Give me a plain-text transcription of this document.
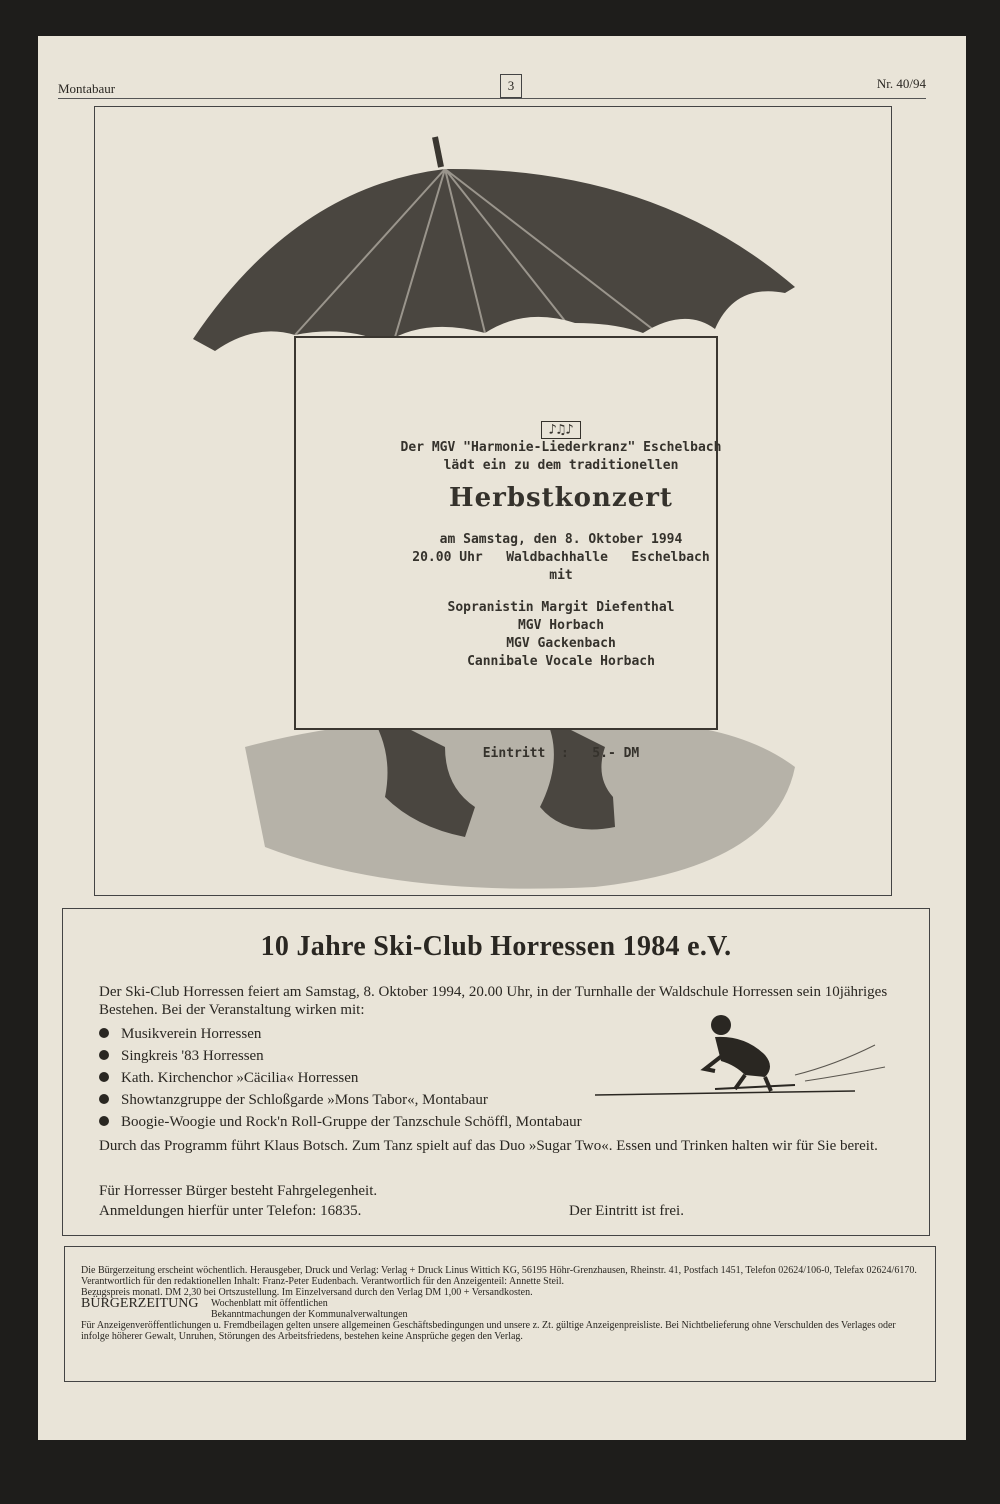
Montabaur	3	Nr. 40/94
♪♫♪
Der MGV "Harmonie-Liederkranz" Eschelbach
lädt ein zu dem traditionellen
Herbstkonzert
am Samstag, den 8. Oktober 1994
20.00 Uhr   Waldbachhalle   Eschelbach
mit
Sopranistin Margit Diefenthal
MGV Horbach
MGV Gackenbach
Cannibale Vocale Horbach
Eintritt  :   5.- DM
10 Jahre Ski-Club Horressen 1984 e.V.
Der Ski-Club Horressen feiert am Samstag, 8. Oktober 1994, 20.00 Uhr, in der Turnhalle der Waldschule Horressen sein 10jähriges Bestehen. Bei der Veranstaltung wirken mit:
Musikverein Horressen
Singkreis '83 Horressen
Kath. Kirchenchor »Cäcilia« Horressen
Showtanzgruppe der Schloßgarde »Mons Tabor«, Montabaur
Boogie-Woogie und Rock'n Roll-Gruppe der Tanzschule Schöffl, Montabaur
Durch das Programm führt Klaus Botsch. Zum Tanz spielt auf das Duo »Sugar Two«. Essen und Trinken halten wir für Sie bereit.
Für Horresser Bürger besteht Fahrgelegenheit.
Anmeldungen hierfür unter Telefon: 16835.	Der Eintritt ist frei.
Die Bürgerzeitung erscheint wöchentlich. Herausgeber, Druck und Verlag: Verlag + Druck Linus Wittich KG, 56195 Höhr-Grenzhausen, Rheinstr. 41, Postfach 1451, Telefon 02624/106-0, Telefax 02624/6170. Verantwortlich für den redaktionellen Inhalt: Franz-Peter Eudenbach. Verantwortlich für den Anzeigenteil: Annette Steil.
Bezugspreis monatl. DM 2,30 bei Ortszustellung. Im Einzelversand durch den Verlag DM 1,00 + Versandkosten.
BÜRGERZEITUNG Wochenblatt mit öffentlichen
Bekanntmachungen der Kommunalverwaltungen
Für Anzeigenveröffentlichungen u. Fremdbeilagen gelten unsere allgemeinen Geschäftsbedingungen und unsere z. Zt. gültige Anzeigenpreisliste. Bei Nichtbelieferung ohne Verschulden des Verlages oder infolge höherer Gewalt, Unruhen, Störungen des Arbeitsfriedens, bestehen keine Ansprüche gegen den Verlag.
